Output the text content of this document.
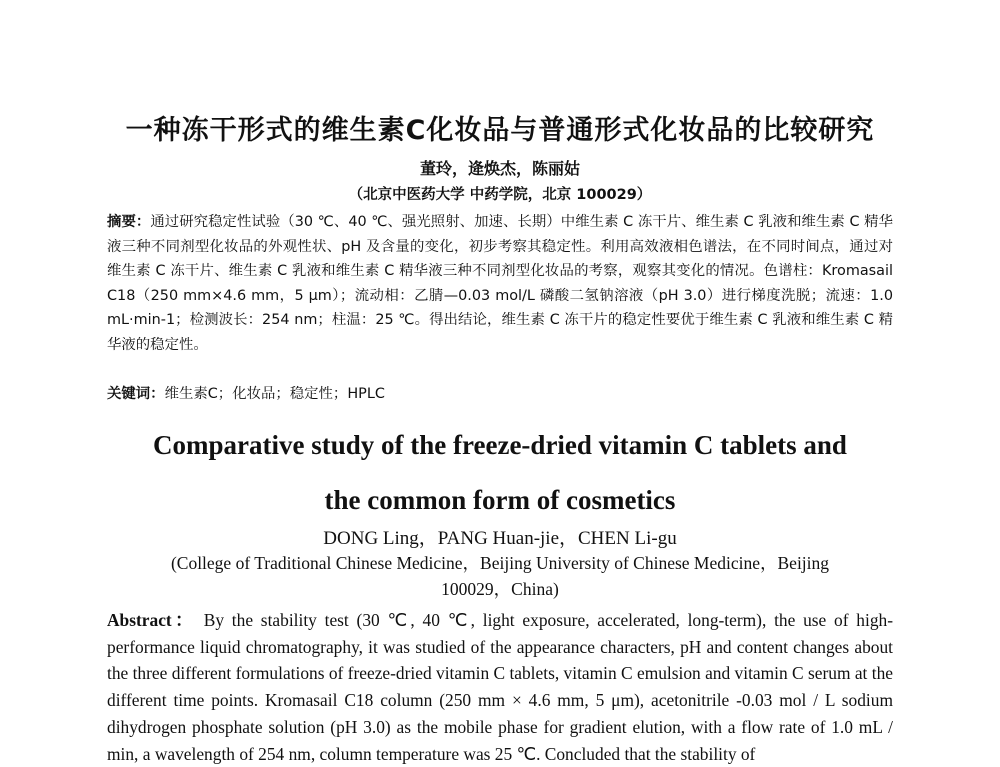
一种冻干形式的维生素C化妆品与普通形式化妆品的比较研究
董玲，逄焕杰，陈丽姑
（北京中医药大学 中药学院，北京 100029）
摘要：通过研究稳定性试验（30 ℃、40 ℃、强光照射、加速、长期）中维生素 C 冻干片、维生素 C 乳液和维生素 C 精华液三种不同剂型化妆品的外观性状、pH 及含量的变化，初步考察其稳定性。利用高效液相色谱法，在不同时间点，通过对维生素 C 冻干片、维生素 C 乳液和维生素 C 精华液三种不同剂型化妆品的考察，观察其变化的情况。色谱柱：Kromasail C18（250 mm×4.6 mm，5 μm）；流动相：乙腈—0.03 mol/L 磷酸二氢钠溶液（pH 3.0）进行梯度洗脱；流速：1.0 mL·min-1；检测波长：254 nm；柱温：25 ℃。得出结论，维生素 C 冻干片的稳定性要优于维生素 C 乳液和维生素 C 精华液的稳定性。
关键词：维生素C；化妆品；稳定性；HPLC
Comparative study of the freeze-dried vitamin C tablets and
the common form of cosmetics
DONG Ling，PANG Huan-jie，CHEN Li-gu
(College of Traditional Chinese Medicine，Beijing University of Chinese Medicine，Beijing
100029，China)
Abstract： By the stability test (30 ℃, 40 ℃, light exposure, accelerated, long-term), the use of high-performance liquid chromatography, it was studied of the appearance characters, pH and content changes about the three different formulations of freeze-dried vitamin C tablets, vitamin C emulsion and vitamin C serum at the different time points. Kromasail C18 column (250 mm × 4.6 mm, 5 μm), acetonitrile -0.03 mol / L sodium dihydrogen phosphate solution (pH 3.0) as the mobile phase for gradient elution, with a flow rate of 1.0 mL / min, a wavelength of 254 nm, column temperature was 25 ℃. Concluded that the stability of
